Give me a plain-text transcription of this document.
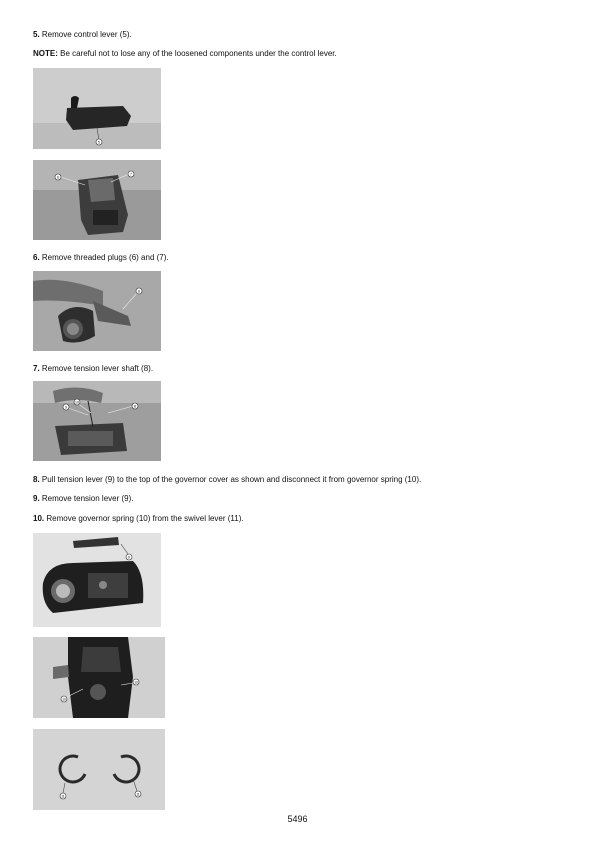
5. Remove control lever (5).
NOTE: Be careful not to lose any of the loosened components under the control lever.
5
6
7
6. Remove threaded plugs (6) and (7).
8
7. Remove tension lever shaft (8).
9
10
8
8. Pull tension lever (9) to the top of the governor cover as shown and disconnect it from governor spring (10).
9. Remove tension lever (9).
10. Remove governor spring (10) from the swivel lever (11).
9
10
10
11	11
5496
